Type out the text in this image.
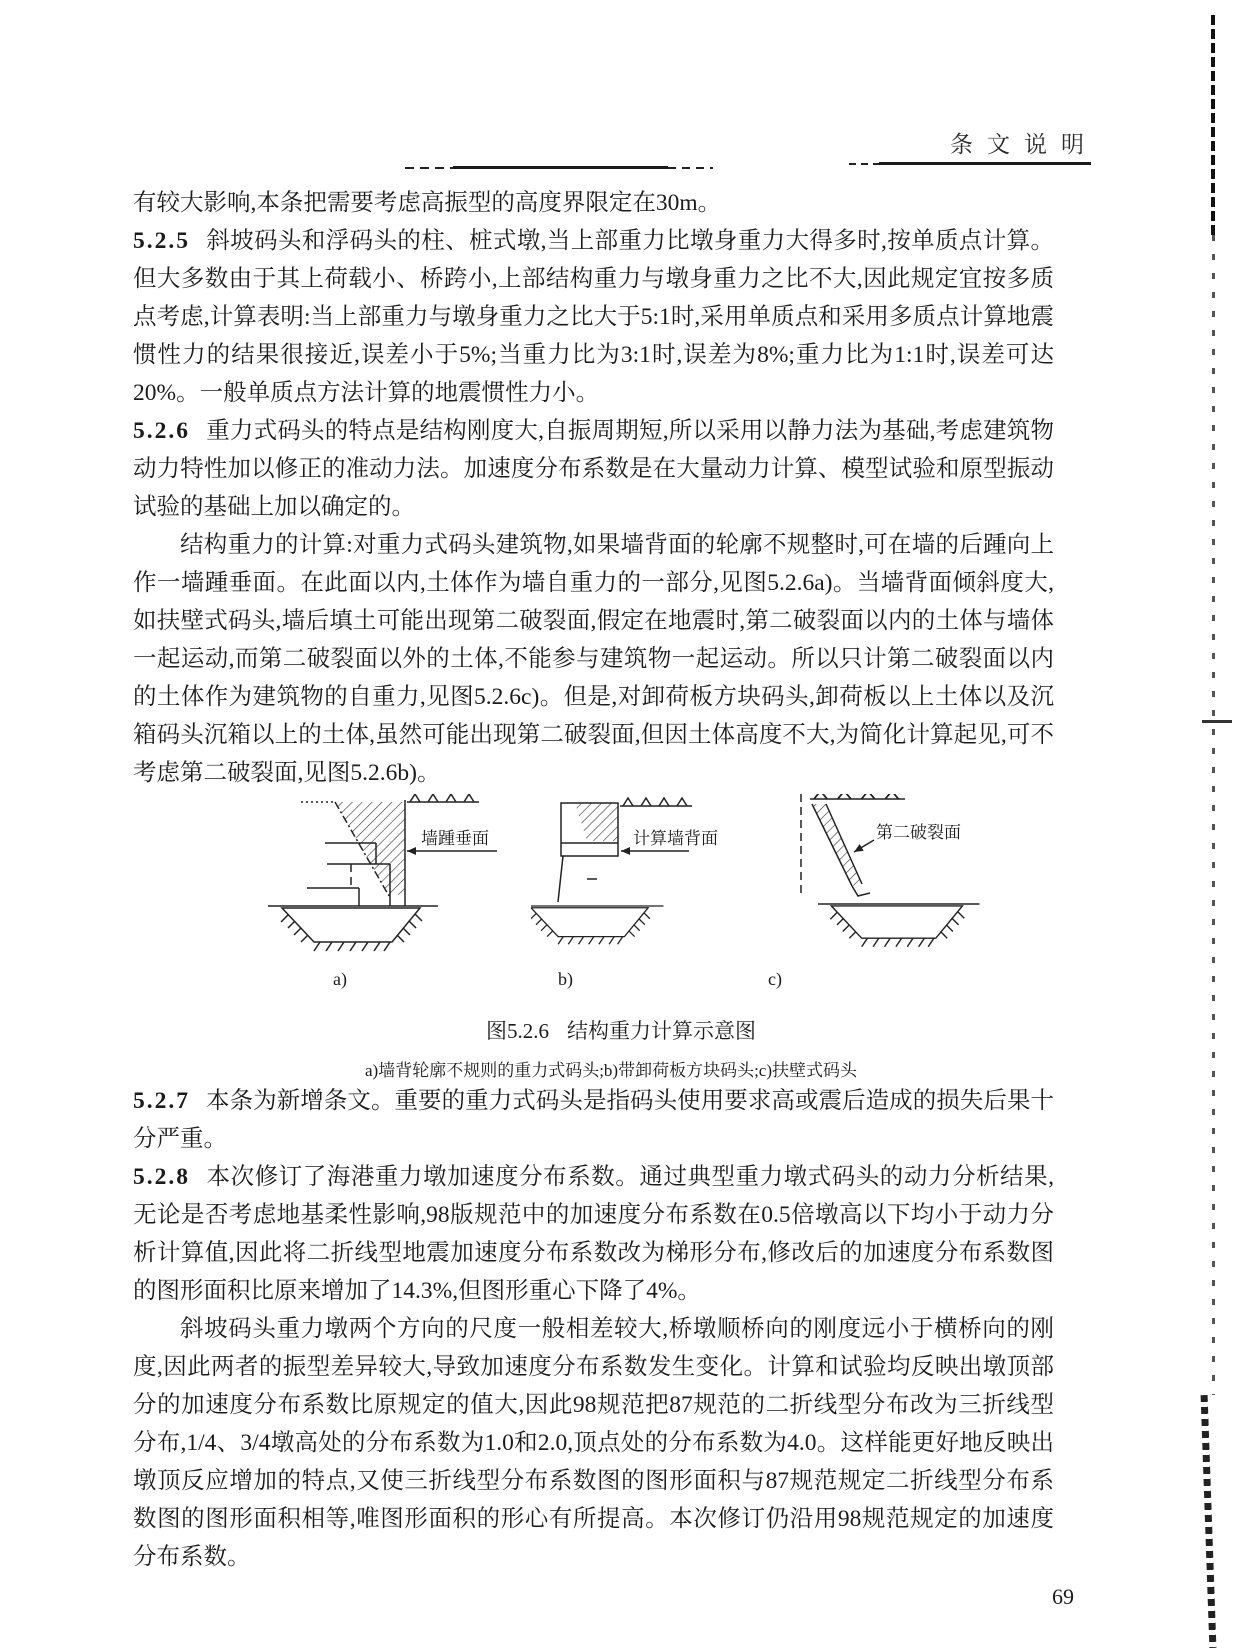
条文说明

有较大影响,本条把需要考虑高振型的高度界限定在30m。

5.2.5 斜坡码头和浮码头的柱、桩式墩,当上部重力比墩身重力大得多时,按单质点计算。但大多数由于其上荷载小、桥跨小,上部结构重力与墩身重力之比不大,因此规定宜按多质点考虑,计算表明:当上部重力与墩身重力之比大于5:1时,采用单质点和采用多质点计算地震惯性力的结果很接近,误差小于5%;当重力比为3:1时,误差为8%;重力比为1:1时,误差可达20%。一般单质点方法计算的地震惯性力小。

5.2.6 重力式码头的特点是结构刚度大,自振周期短,所以采用以静力法为基础,考虑建筑物动力特性加以修正的准动力法。加速度分布系数是在大量动力计算、模型试验和原型振动试验的基础上加以确定的。

结构重力的计算:对重力式码头建筑物,如果墙背面的轮廓不规整时,可在墙的后踵向上作一墙踵垂面。在此面以内,土体作为墙自重力的一部分,见图5.2.6a)。当墙背面倾斜度大,如扶壁式码头,墙后填土可能出现第二破裂面,假定在地震时,第二破裂面以内的土体与墙体一起运动,而第二破裂面以外的土体,不能参与建筑物一起运动。所以只计第二破裂面以内的土体作为建筑物的自重力,见图5.2.6c)。但是,对卸荷板方块码头,卸荷板以上土体以及沉箱码头沉箱以上的土体,虽然可能出现第二破裂面,但因土体高度不大,为简化计算起见,可不考虑第二破裂面,见图5.2.6b)。

墙踵垂面	计算墙背面	第二破裂面
a)	b)	c)
图5.2.6 结构重力计算示意图
a)墙背轮廓不规则的重力式码头;b)带卸荷板方块码头;c)扶壁式码头

5.2.7 本条为新增条文。重要的重力式码头是指码头使用要求高或震后造成的损失后果十分严重。

5.2.8 本次修订了海港重力墩加速度分布系数。通过典型重力墩式码头的动力分析结果,无论是否考虑地基柔性影响,98版规范中的加速度分布系数在0.5倍墩高以下均小于动力分析计算值,因此将二折线型地震加速度分布系数改为梯形分布,修改后的加速度分布系数图的图形面积比原来增加了14.3%,但图形重心下降了4%。

斜坡码头重力墩两个方向的尺度一般相差较大,桥墩顺桥向的刚度远小于横桥向的刚度,因此两者的振型差异较大,导致加速度分布系数发生变化。计算和试验均反映出墩顶部分的加速度分布系数比原规定的值大,因此98规范把87规范的二折线型分布改为三折线型分布,1/4、3/4墩高处的分布系数为1.0和2.0,顶点处的分布系数为4.0。这样能更好地反映出墩顶反应增加的特点,又使三折线型分布系数图的图形面积与87规范规定二折线型分布系数图的图形面积相等,唯图形面积的形心有所提高。本次修订仍沿用98规范规定的加速度分布系数。

69
